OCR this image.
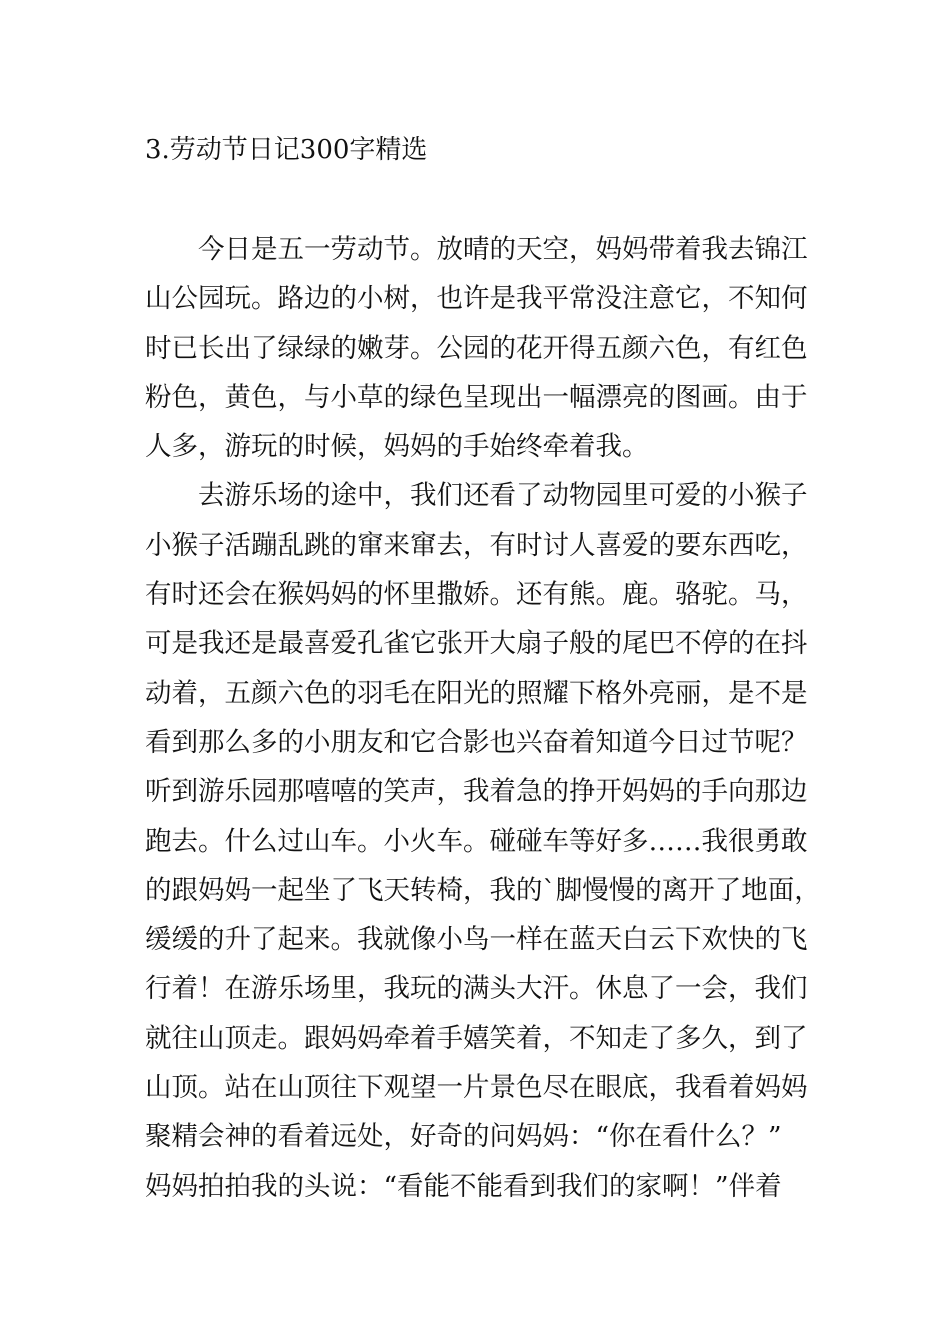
3.劳动节日记300字精选
今日是五一劳动节。放晴的天空，妈妈带着我去锦江
山公园玩。路边的小树，也许是我平常没注意它，不知何
时已长出了绿绿的嫩芽。公园的花开得五颜六色，有红色
粉色，黄色，与小草的绿色呈现出一幅漂亮的图画。由于
人多，游玩的时候，妈妈的手始终牵着我。
去游乐场的途中，我们还看了动物园里可爱的小猴子
小猴子活蹦乱跳的窜来窜去，有时讨人喜爱的要东西吃，
有时还会在猴妈妈的怀里撒娇。还有熊。鹿。骆驼。马，
可是我还是最喜爱孔雀它张开大扇子般的尾巴不停的在抖
动着，五颜六色的羽毛在阳光的照耀下格外亮丽，是不是
看到那么多的小朋友和它合影也兴奋着知道今日过节呢？
听到游乐园那嘻嘻的笑声，我着急的挣开妈妈的手向那边
跑去。什么过山车。小火车。碰碰车等好多……我很勇敢
的跟妈妈一起坐了飞天转椅，我的`脚慢慢的离开了地面，
缓缓的升了起来。我就像小鸟一样在蓝天白云下欢快的飞
行着！在游乐场里，我玩的满头大汗。休息了一会，我们
就往山顶走。跟妈妈牵着手嬉笑着，不知走了多久，到了
山顶。站在山顶往下观望一片景色尽在眼底，我看着妈妈
聚精会神的看着远处，好奇的问妈妈：“你在看什么？”
妈妈拍拍我的头说：“看能不能看到我们的家啊！”伴着
